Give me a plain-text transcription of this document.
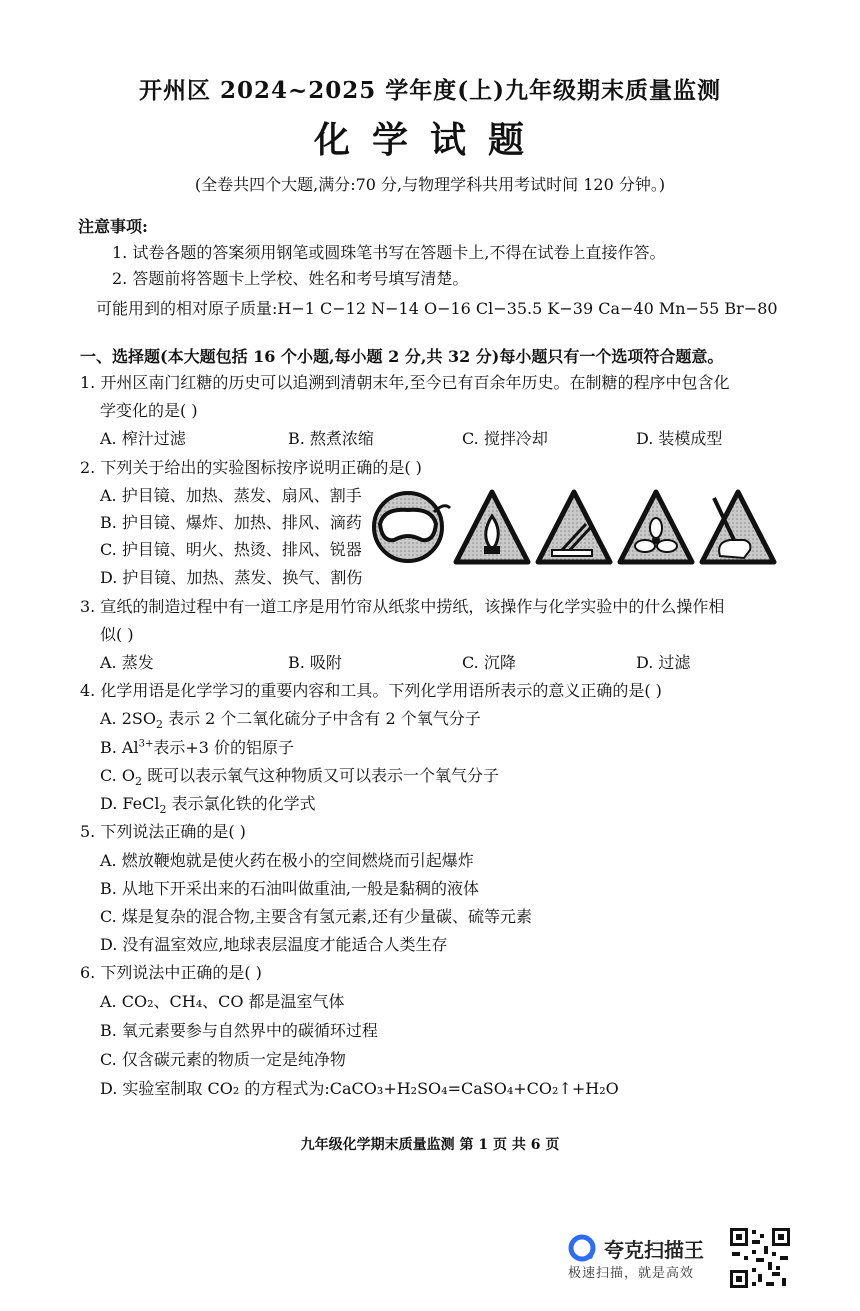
开州区 2024~2025 学年度(上)九年级期末质量监测
化学试题
(全卷共四个大题,满分:70 分,与物理学科共用考试时间 120 分钟。)
注意事项:
1. 试卷各题的答案须用钢笔或圆珠笔书写在答题卡上,不得在试卷上直接作答。
2. 答题前将答题卡上学校、姓名和考号填写清楚。
可能用到的相对原子质量:H−1 C−12 N−14 O−16 Cl−35.5 K−39 Ca−40 Mn−55 Br−80
一、选择题(本大题包括 16 个小题,每小题 2 分,共 32 分)每小题只有一个选项符合题意。
1. 开州区南门红糖的历史可以追溯到清朝末年,至今已有百余年历史。在制糖的程序中包含化
学变化的是( )
A. 榨汁过滤	B. 熬煮浓缩	C. 搅拌冷却	D. 装模成型
2. 下列关于给出的实验图标按序说明正确的是( )
A. 护目镜、加热、蒸发、扇风、割手
B. 护目镜、爆炸、加热、排风、滴药
C. 护目镜、明火、热烫、排风、锐器
D. 护目镜、加热、蒸发、换气、割伤
3. 宣纸的制造过程中有一道工序是用竹帘从纸浆中捞纸，该操作与化学实验中的什么操作相
似( )
A. 蒸发	B. 吸附	C. 沉降	D. 过滤
4. 化学用语是化学学习的重要内容和工具。下列化学用语所表示的意义正确的是( )
A. $2SO_2$ 表示 2 个二氧化硫分子中含有 2 个氧气分子
B. $Al^{3+}$表示+3 价的铝原子
C. $O_2$ 既可以表示氧气这种物质又可以表示一个氧气分子
D. FeCl$_2$ 表示氯化铁的化学式
5. 下列说法正确的是( )
A. 燃放鞭炮就是使火药在极小的空间燃烧而引起爆炸
B. 从地下开采出来的石油叫做重油,一般是黏稠的液体
C. 煤是复杂的混合物,主要含有氢元素,还有少量碳、硫等元素
D. 没有温室效应,地球表层温度才能适合人类生存
6. 下列说法中正确的是( )
A. CO₂、CH₄、CO 都是温室气体
B. 氧元素要参与自然界中的碳循环过程
C. 仅含碳元素的物质一定是纯净物
D. 实验室制取 CO₂ 的方程式为:CaCO₃+H₂SO₄=CaSO₄+CO₂↑+H₂O
九年级化学期末质量监测 第 1 页 共 6 页
夸克扫描王
极速扫描，就是高效
